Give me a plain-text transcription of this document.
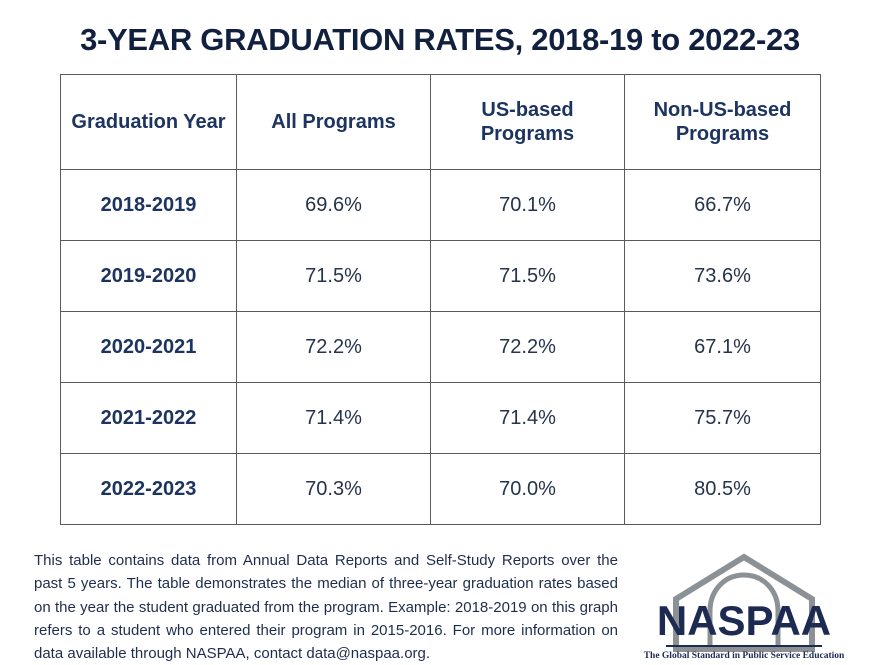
3-YEAR GRADUATION RATES, 2018-19 to 2022-23
Graduation Year	All Programs	US-based Programs	Non-US-based Programs
2018-2019	69.6%	70.1%	66.7%
2019-2020	71.5%	71.5%	73.6%
2020-2021	72.2%	72.2%	67.1%
2021-2022	71.4%	71.4%	75.7%
2022-2023	70.3%	70.0%	80.5%
This table contains data from Annual Data Reports and Self-Study Reports over the past 5 years. The table demonstrates the median of three-year graduation rates based on the year the student graduated from the program. Example: 2018-2019 on this graph refers to a student who entered their program in 2015-2016. For more information on data available through NASPAA, contact data@naspaa.org.
NASPAA
The Global Standard in Public Service Education
